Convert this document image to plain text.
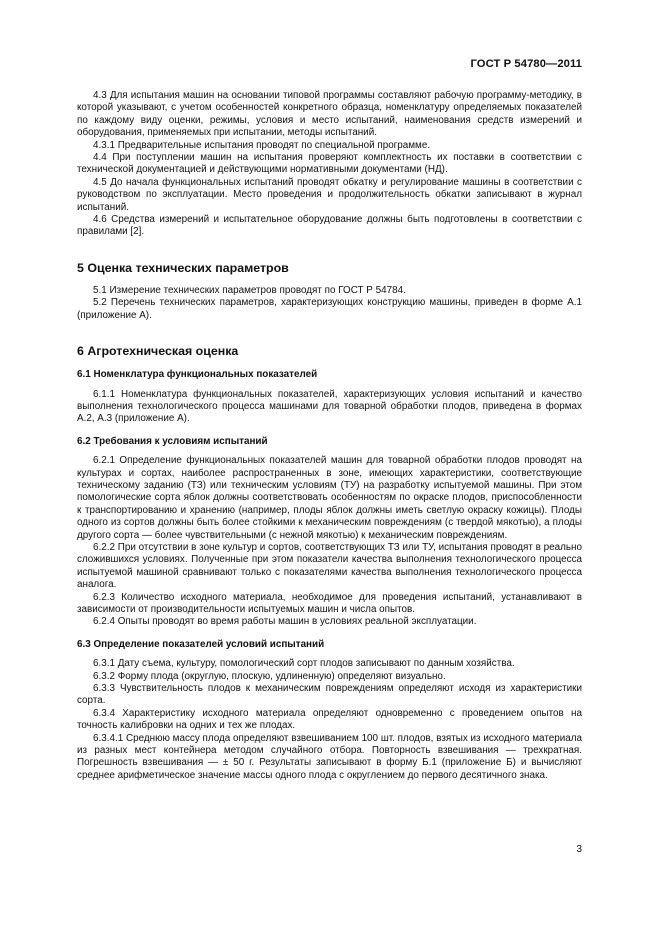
ГОСТ Р 54780—2011

4.3 Для испытания машин на основании типовой программы составляют рабочую программу-методику, в которой указывают, с учетом особенностей конкретного образца, номенклатуру определяемых показателей по каждому виду оценки, режимы, условия и место испытаний, наименования средств измерений и оборудования, применяемых при испытании, методы испытаний.

4.3.1 Предварительные испытания проводят по специальной программе.

4.4 При поступлении машин на испытания проверяют комплектность их поставки в соответствии с технической документацией и действующими нормативными документами (НД).

4.5 До начала функциональных испытаний проводят обкатку и регулирование машины в соответствии с руководством по эксплуатации. Место проведения и продолжительность обкатки записывают в журнал испытаний.

4.6 Средства измерений и испытательное оборудование должны быть подготовлены в соответствии с правилами [2].

5 Оценка технических параметров

5.1 Измерение технических параметров проводят по ГОСТ Р 54784.

5.2 Перечень технических параметров, характеризующих конструкцию машины, приведен в форме А.1 (приложение А).

6 Агротехническая оценка
6.1 Номенклатура функциональных показателей

6.1.1 Номенклатура функциональных показателей, характеризующих условия испытаний и качество выполнения технологического процесса машинами для товарной обработки плодов, приведена в формах А.2, А.3 (приложение А).

6.2 Требования к условиям испытаний

6.2.1 Определение функциональных показателей машин для товарной обработки плодов проводят на культурах и сортах, наиболее распространенных в зоне, имеющих характеристики, соответствующие техническому заданию (ТЗ) или техническим условиям (ТУ) на разработку испытуемой машины. При этом помологические сорта яблок должны соответствовать особенностям по окраске плодов, приспособленности к транспортированию и хранению (например, плоды яблок должны иметь светлую окраску кожицы). Плоды одного из сортов должны быть более стойкими к механическим повреждениям (с твердой мякотью), а плоды другого сорта — более чувствительными (с нежной мякотью) к механическим повреждениям.

6.2.2 При отсутствии в зоне культур и сортов, соответствующих ТЗ или ТУ, испытания проводят в реально сложившихся условиях. Полученные при этом показатели качества выполнения технологического процесса испытуемой машиной сравнивают только с показателями качества выполнения технологического процесса аналога.

6.2.3 Количество исходного материала, необходимое для проведения испытаний, устанавливают в зависимости от производительности испытуемых машин и числа опытов.

6.2.4 Опыты проводят во время работы машин в условиях реальной эксплуатации.

6.3 Определение показателей условий испытаний

6.3.1 Дату съема, культуру, помологический сорт плодов записывают по данным хозяйства.

6.3.2 Форму плода (округлую, плоскую, удлиненную) определяют визуально.

6.3.3 Чувствительность плодов к механическим повреждениям определяют исходя из характеристики сорта.

6.3.4 Характеристику исходного материала определяют одновременно с проведением опытов на точность калибровки на одних и тех же плодах.

6.3.4.1 Среднюю массу плода определяют взвешиванием 100 шт. плодов, взятых из исходного материала из разных мест контейнера методом случайного отбора. Повторность взвешивания — трехкратная. Погрешность взвешивания — ± 50 г. Результаты записывают в форму Б.1 (приложение Б) и вычисляют среднее арифметическое значение массы одного плода с округлением до первого десятичного знака.

3
